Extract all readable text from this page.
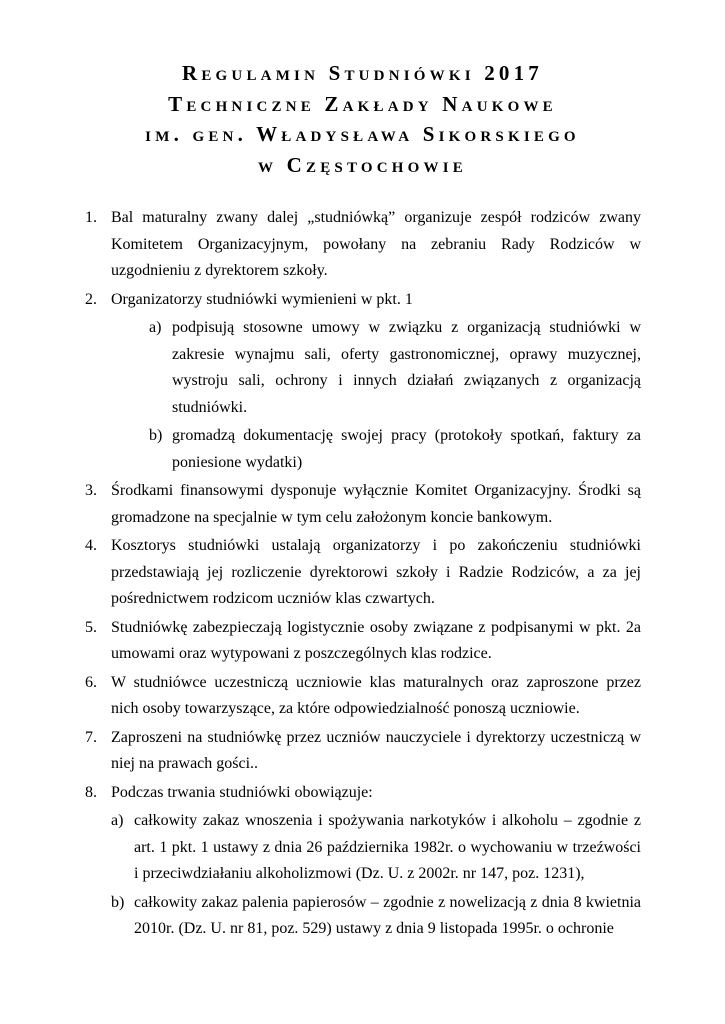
Regulamin Studniówki 2017
Techniczne Zakłady Naukowe
im. gen. Władysława Sikorskiego
w Częstochowie
1. Bal maturalny zwany dalej „studniówką” organizuje zespół rodziców zwany Komitetem Organizacyjnym, powołany na zebraniu Rady Rodziców w uzgodnieniu z dyrektorem szkoły.
2. Organizatorzy studniówki wymienieni w pkt. 1
a) podpisują stosowne umowy w związku z organizacją studniówki w zakresie wynajmu sali, oferty gastronomicznej, oprawy muzycznej, wystroju sali, ochrony i innych działań związanych z organizacją studniówki.
b) gromadzą dokumentację swojej pracy (protokoły spotkań, faktury za poniesione wydatki)
3. Środkami finansowymi dysponuje wyłącznie Komitet Organizacyjny. Środki są gromadzone na specjalnie w tym celu założonym koncie bankowym.
4. Kosztorys studniówki ustalają organizatorzy i po zakończeniu studniówki przedstawiają jej rozliczenie dyrektorowi szkoły i Radzie Rodziców, a za jej pośrednictwem rodzicom uczniów klas czwartych.
5. Studniówkę zabezpieczają logistycznie osoby związane z podpisanymi w pkt. 2a umowami oraz wytypowani z poszczególnych klas rodzice.
6. W studniówce uczestniczą uczniowie klas maturalnych oraz zaproszone przez nich osoby towarzyszące, za które odpowiedzialność ponoszą uczniowie.
7. Zaproszeni na studniówkę przez uczniów nauczyciele i dyrektorzy uczestniczą w niej na prawach gości..
8. Podczas trwania studniówki obowiązuje:
a) całkowity zakaz wnoszenia i spożywania narkotyków i alkoholu – zgodnie z art. 1 pkt. 1 ustawy z dnia 26 października 1982r. o wychowaniu w trzeźwości i przeciwdziałaniu alkoholizmowi (Dz. U. z 2002r. nr 147, poz. 1231),
b) całkowity zakaz palenia papierosów – zgodnie z nowelizacją z dnia 8 kwietnia 2010r. (Dz. U. nr 81, poz. 529) ustawy z dnia 9 listopada 1995r. o ochronie
